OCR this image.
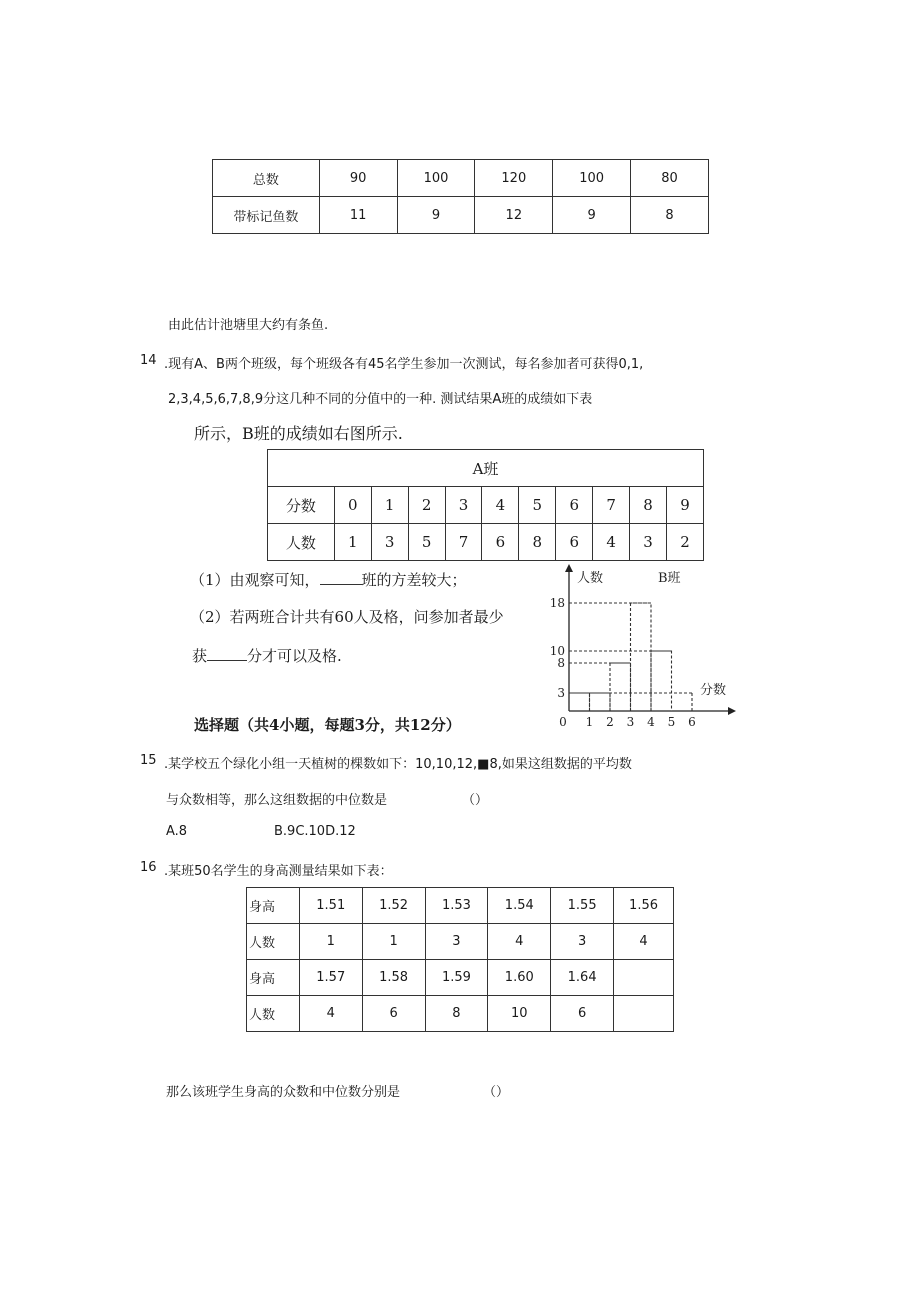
总数	90	100	120	100	80
带标记鱼数	11	9	12	9	8
由此估计池塘里大约有条鱼.
14 .现有A、B两个班级，每个班级各有45名学生参加一次测试，每名参加者可获得0,1,
2,3,4,5,6,7,8,9分这几种不同的分值中的一种. 测试结果A班的成绩如下表
所示，B班的成绩如右图所示.
A班										
分数	0	1	2	3	4	5	6	7	8	9
人数	1	3	5	7	6	8	6	4	3	2
（1）由观察可知，	班的方差较大；
（2）若两班合计共有60人及格，问参加者最少
获	分才可以及格.
0 1 2 3 4 5 6
3
8
10
18
人数	B班
分数
选择题（共4小题，每题3分，共12分）
15 .某学校五个绿化小组一天植树的棵数如下：10,10,12,■8,如果这组数据的平均数
与众数相等，那么这组数据的中位数是	（）
A.8	B.9C.10D.12
16 .某班50名学生的身高测量结果如下表：
身高	1.51	1.52	1.53	1.54	1.55	1.56
人数	1	1	3	4	3	4
身高	1.57	1.58	1.59	1.60	1.64	
人数	4	6	8	10	6	
那么该班学生身高的众数和中位数分别是	（）
